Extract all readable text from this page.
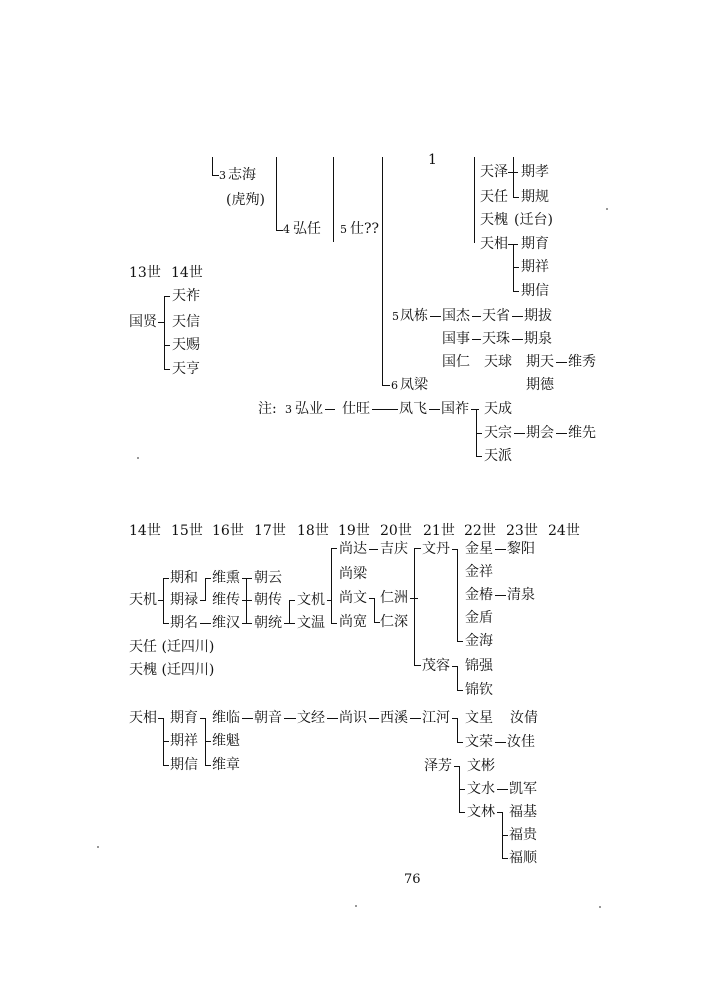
3 志海
(虎殉)
4 弘任 5 仕??
1
天泽
天任
天槐 (迁台)
天相
期孝
期规
期育
期祥
期信
5 凤栋 国杰 天省 期拔
国事 天珠 期泉
国仁 天球 期天 维秀
期德
6 凤梁
注: 3 弘业 仕旺 凤飞 国祚 天成
天宗 期会 维先
天派
13世 14世
国贤
天祚
天信
天赐
天亨
14世 15世 16世 17世 18世 19世 20世 21世 22世 23世 24世
天机
期和
期禄
期名
维熏
维传
维汉
朝云
朝传
朝统
文机
文温
尚达 吉庆
尚梁
尚文
尚宽
仁洲
仁深
文丹
茂容
金星 黎阳
金祥
金椿 清泉
金盾
金海
锦强
锦钦
天任 (迁四川)
天槐 (迁四川)
天相 期育
期祥
期信
维临
维魁
维章
朝音 文经 尚识 西溪 江河 文星 汝倩
文荣 汝佳
泽芳 文彬
文水 凯军
文林 福基
福贵
福顺
76
